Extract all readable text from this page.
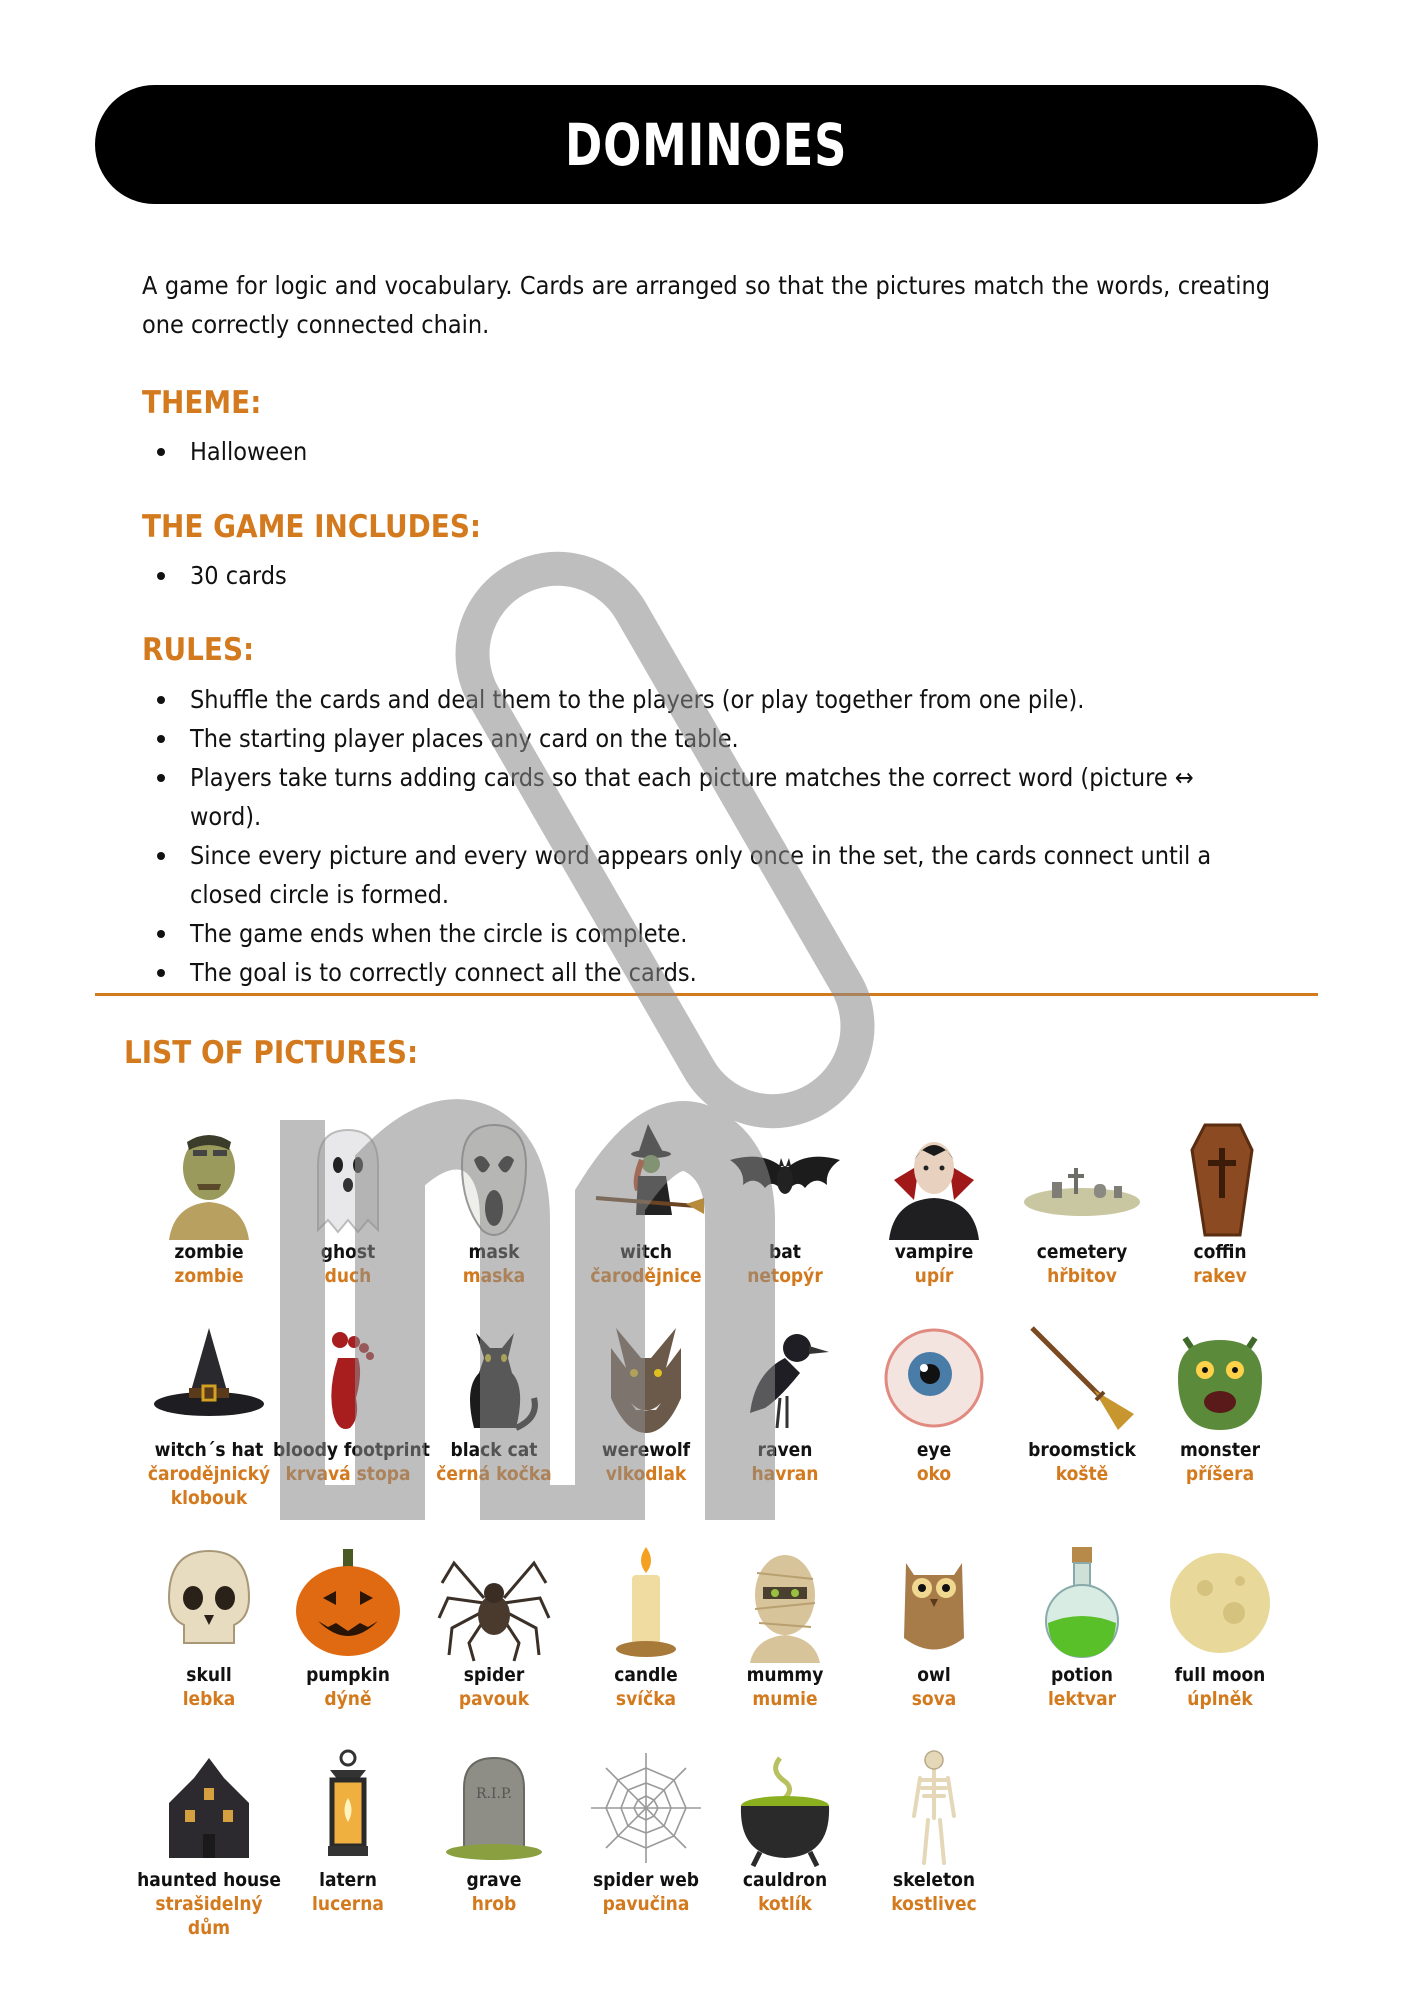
DOMINOES
A game for logic and vocabulary. Cards are arranged so that the pictures match the words, creating one correctly connected chain.
THEME:
Halloween
THE GAME INCLUDES:
30 cards
RULES:
Shuffle the cards and deal them to the players (or play together from one pile).
The starting player places any card on the table.
Players take turns adding cards so that each picture matches the correct word (picture ↔ word).
Since every picture and every word appears only once in the set, the cards connect until a closed circle is formed.
The game ends when the circle is complete.
The goal is to correctly connect all the cards.
LIST OF PICTURES:
zombie
zombie
ghost
duch
mask
maska
witch
čarodějnice
bat
netopýr
vampire
upír
cemetery
hřbitov
coffin
rakev
witch´s hat
čarodějnický klobouk
bloody footprint
krvavá stopa
black cat
černá kočka
werewolf
vlkodlak
raven
havran
eye
oko
broomstick
koště
monster
příšera
skull
lebka
pumpkin
dýně
spider
pavouk
candle
svíčka
mummy
mumie
owl
sova
potion
lektvar
full moon
úplněk
haunted house
strašidelný dům
latern
lucerna
R.I.P.
grave
hrob
spider web
pavučina
cauldron
kotlík
skeleton
kostlivec
